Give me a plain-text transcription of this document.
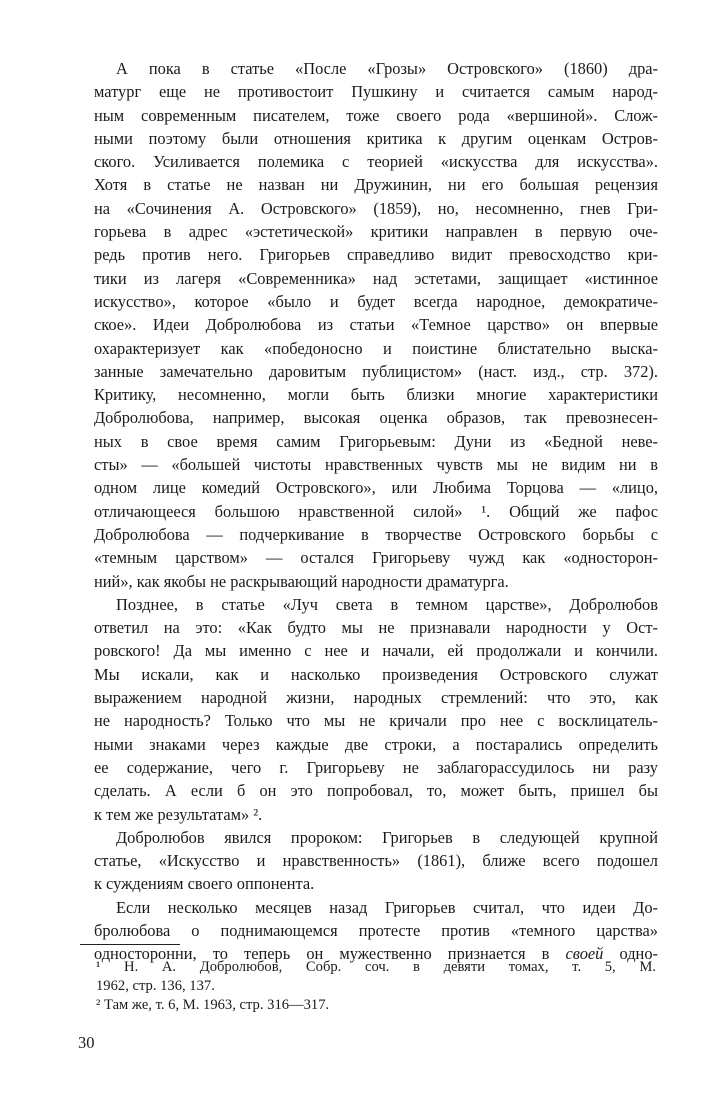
А пока в статье «После «Грозы» Островского» (1860) дра-
матург еще не противостоит Пушкину и считается самым народ-
ным современным писателем, тоже своего рода «вершиной». Слож-
ными поэтому были отношения критика к другим оценкам Остров-
ского. Усиливается полемика с теорией «искусства для искусства».
Хотя в статье не назван ни Дружинин, ни его большая рецензия
на «Сочинения А. Островского» (1859), но, несомненно, гнев Гри-
горьева в адрес «эстетической» критики направлен в первую оче-
редь против него. Григорьев справедливо видит превосходство кри-
тики из лагеря «Современника» над эстетами, защищает «истинное
искусство», которое «было и будет всегда народное, демократиче-
ское». Идеи Добролюбова из статьи «Темное царство» он впервые
охарактеризует как «победоносно и поистине блистательно выска-
занные замечательно даровитым публицистом» (наст. изд., стр. 372).
Критику, несомненно, могли быть близки многие характеристики
Добролюбова, например, высокая оценка образов, так превознесен-
ных в свое время самим Григорьевым: Дуни из «Бедной неве-
сты» — «большей чистоты нравственных чувств мы не видим ни в
одном лице комедий Островского», или Любима Торцова — «лицо,
отличающееся большою нравственной силой» ¹. Общий же пафос
Добролюбова — подчеркивание в творчестве Островского борьбы с
«темным царством» — остался Григорьеву чужд как «односторон-
ний», как якобы не раскрывающий народности драматурга.
Позднее, в статье «Луч света в темном царстве», Добролюбов
ответил на это: «Как будто мы не признавали народности у Ост-
ровского! Да мы именно с нее и начали, ей продолжали и кончили.
Мы искали, как и насколько произведения Островского служат
выражением народной жизни, народных стремлений: что это, как
не народность? Только что мы не кричали про нее с восклицатель-
ными знаками через каждые две строки, а постарались определить
ее содержание, чего г. Григорьеву не заблагорассудилось ни разу
сделать. А если б он это попробовал, то, может быть, пришел бы
к тем же результатам» ².
Добролюбов явился пророком: Григорьев в следующей крупной
статье, «Искусство и нравственность» (1861), ближе всего подошел
к суждениям своего оппонента.
Если несколько месяцев назад Григорьев считал, что идеи До-
бролюбова о поднимающемся протесте против «темного царства»
односторонни, то теперь он мужественно признается в своей одно-
¹ Н. А. Добролюбов, Собр. соч. в девяти томах, т. 5, М.
1962, стр. 136, 137.
² Там же, т. 6, М. 1963, стр. 316—317.
30
